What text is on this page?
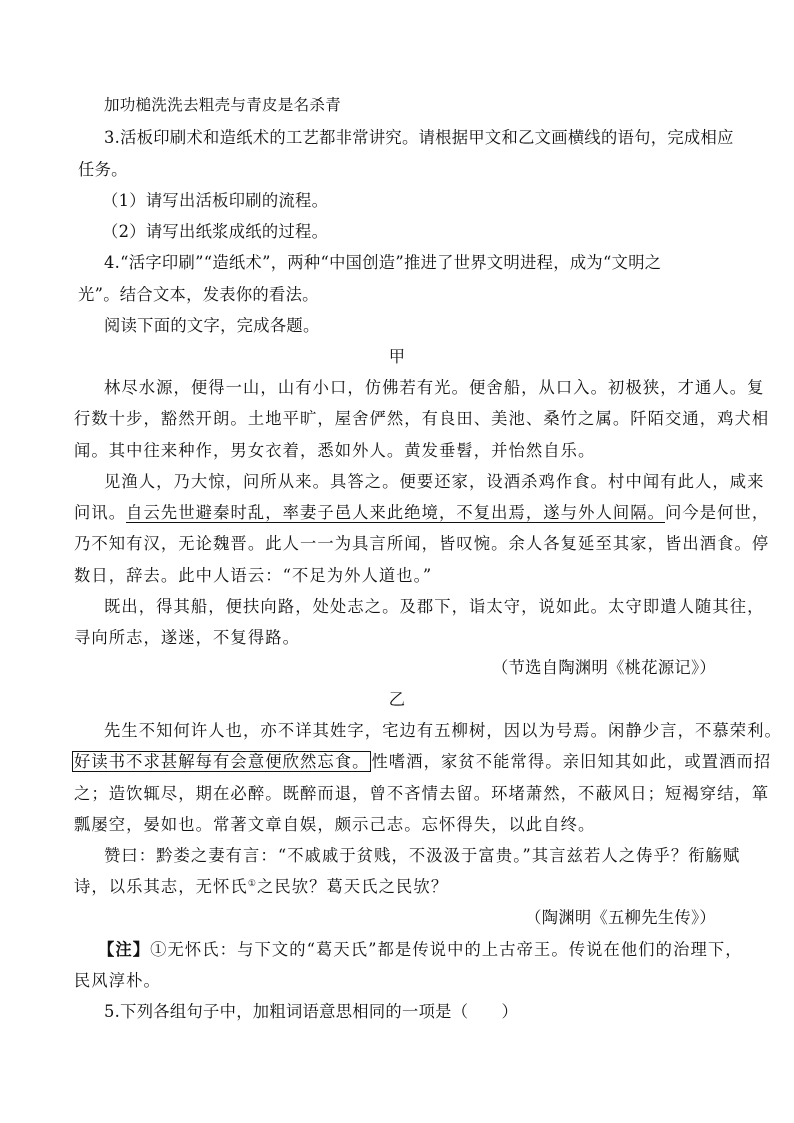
加功槌洗洗去粗壳与青皮是名杀青
3.活板印刷术和造纸术的工艺都非常讲究。请根据甲文和乙文画横线的语句，完成相应
任务。
（1）请写出活板印刷的流程。
（2）请写出纸浆成纸的过程。
4.“活字印刷”“造纸术”，两种“中国创造”推进了世界文明进程，成为“文明之
光”。结合文本，发表你的看法。
阅读下面的文字，完成各题。
甲
林尽水源，便得一山，山有小口，仿佛若有光。便舍船，从口入。初极狭，才通人。复
行数十步，豁然开朗。土地平旷，屋舍俨然，有良田、美池、桑竹之属。阡陌交通，鸡犬相
闻。其中往来种作，男女衣着，悉如外人。黄发垂髫，并怡然自乐。
见渔人，乃大惊，问所从来。具答之。便要还家，设酒杀鸡作食。村中闻有此人，咸来
问讯。自云先世避秦时乱，率妻子邑人来此绝境，不复出焉，遂与外人间隔。问今是何世，
乃不知有汉，无论魏晋。此人一一为具言所闻，皆叹惋。余人各复延至其家，皆出酒食。停
数日，辞去。此中人语云：“不足为外人道也。”
既出，得其船，便扶向路，处处志之。及郡下，诣太守，说如此。太守即遣人随其往，
寻向所志，遂迷，不复得路。
（节选自陶渊明《桃花源记》）
乙
先生不知何许人也，亦不详其姓字，宅边有五柳树，因以为号焉。闲静少言，不慕荣利。
好读书不求甚解每有会意便欣然忘食。 性嗜酒，家贫不能常得。亲旧知其如此，或置酒而招
之；造饮辄尽，期在必醉。既醉而退，曾不吝情去留。环堵萧然，不蔽风日；短褐穿结，箪
瓢屡空，晏如也。常著文章自娱，颇示己志。忘怀得失，以此自终。
赞曰：黔娄之妻有言：“不戚戚于贫贱，不汲汲于富贵。”其言兹若人之俦乎？衔觞赋
诗，以乐其志，无怀氏①之民欤？葛天氏之民欤？
（陶渊明《五柳先生传》）
【注】①无怀氏：与下文的“葛天氏”都是传说中的上古帝王。传说在他们的治理下，
民风淳朴。
5.下列各组句子中，加粗词语意思相同的一项是（　　）
